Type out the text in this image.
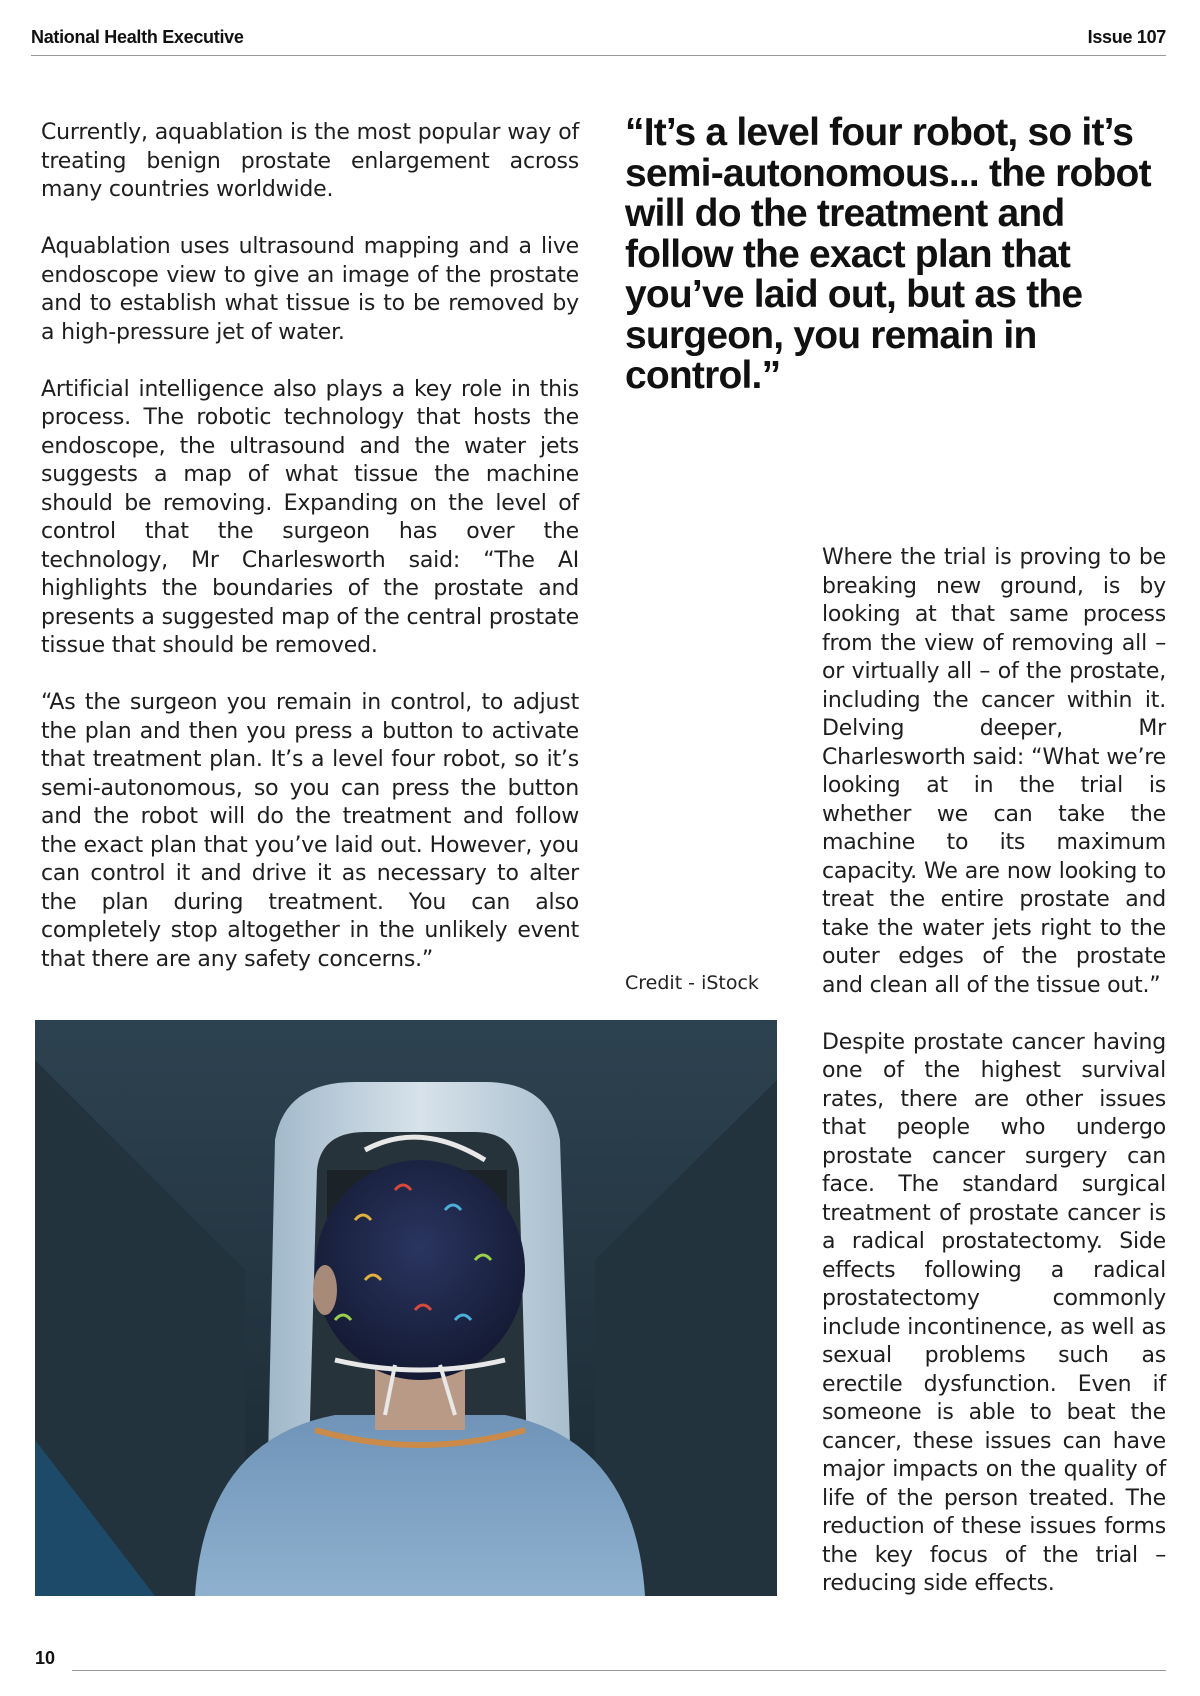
National Health Executive	Issue 107

Currently, aquablation is the most popular way of treating benign prostate enlargement across many countries worldwide.

Aquablation uses ultrasound mapping and a live endoscope view to give an image of the prostate and to establish what tissue is to be removed by a high-pressure jet of water.

Artificial intelligence also plays a key role in this process. The robotic technology that hosts the endoscope, the ultrasound and the water jets suggests a map of what tissue the machine should be removing. Expanding on the level of control that the surgeon has over the technology, Mr Charlesworth said: “The AI highlights the boundaries of the prostate and presents a suggested map of the central prostate tissue that should be removed.

“As the surgeon you remain in control, to adjust the plan and then you press a button to activate that treatment plan. It’s a level four robot, so it’s semi-autonomous, so you can press the button and the robot will do the treatment and follow the exact plan that you’ve laid out. However, you can control it and drive it as necessary to alter the plan during treatment. You can also completely stop altogether in the unlikely event that there are any safety concerns.”

“It’s a level four robot, so it’s semi-autonomous... the robot will do the treatment and follow the exact plan that you’ve laid out, but as the surgeon, you remain in control.”
Credit - iStock

Where the trial is proving to be breaking new ground, is by looking at that same process from the view of removing all – or virtually all – of the prostate, including the cancer within it. Delving deeper, Mr Charlesworth said: “What we’re looking at in the trial is whether we can take the machine to its maximum capacity. We are now looking to treat the entire prostate and take the water jets right to the outer edges of the prostate and clean all of the tissue out.”

Despite prostate cancer having one of the highest survival rates, there are other issues that people who undergo prostate cancer surgery can face. The standard surgical treatment of prostate cancer is a radical prostatectomy. Side effects following a radical prostatectomy commonly include incontinence, as well as sexual problems such as erectile dysfunction. Even if someone is able to beat the cancer, these issues can have major impacts on the quality of life of the person treated. The reduction of these issues forms the key focus of the trial – reducing side effects.

10
